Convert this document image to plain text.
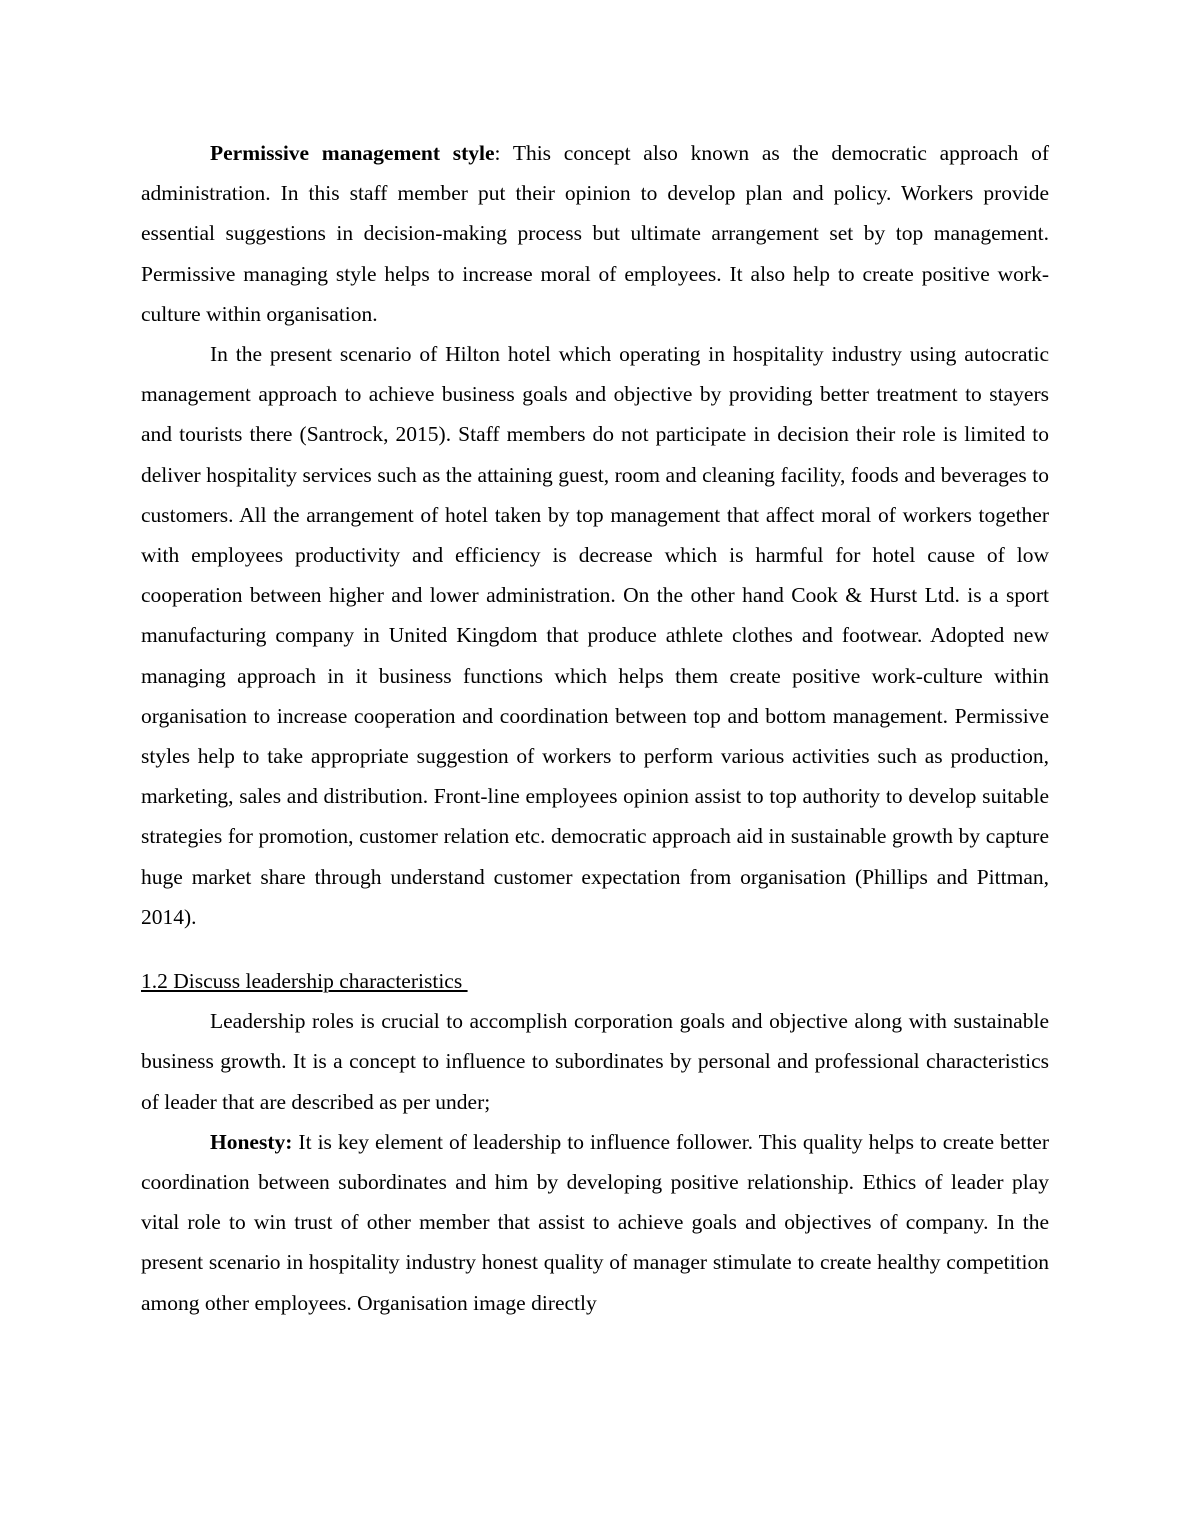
Permissive management style: This concept also known as the democratic approach of administration. In this staff member put their opinion to develop plan and policy. Workers provide essential suggestions in decision-making process but ultimate arrangement set by top management. Permissive managing style helps to increase moral of employees. It also help to create positive work-culture within organisation.

In the present scenario of Hilton hotel which operating in hospitality industry using autocratic management approach to achieve business goals and objective by providing better treatment to stayers and tourists there (Santrock, 2015). Staff members do not participate in decision their role is limited to deliver hospitality services such as the attaining guest, room and cleaning facility, foods and beverages to customers. All the arrangement of hotel taken by top management that affect moral of workers together with employees productivity and efficiency is decrease which is harmful for hotel cause of low cooperation between higher and lower administration. On the other hand Cook & Hurst Ltd. is a sport manufacturing company in United Kingdom that produce athlete clothes and footwear. Adopted new managing approach in it business functions which helps them create positive work-culture within organisation to increase cooperation and coordination between top and bottom management. Permissive styles help to take appropriate suggestion of workers to perform various activities such as production, marketing, sales and distribution. Front-line employees opinion assist to top authority to develop suitable strategies for promotion, customer relation etc. democratic approach aid in sustainable growth by capture huge market share through understand customer expectation from organisation (Phillips and Pittman, 2014).

1.2 Discuss leadership characteristics

Leadership roles is crucial to accomplish corporation goals and objective along with sustainable business growth. It is a concept to influence to subordinates by personal and professional characteristics of leader that are described as per under;

Honesty: It is key element of leadership to influence follower. This quality helps to create better coordination between subordinates and him by developing positive relationship. Ethics of leader play vital role to win trust of other member that assist to achieve goals and objectives of company. In the present scenario in hospitality industry honest quality of manager stimulate to create healthy competition among other employees. Organisation image directly
